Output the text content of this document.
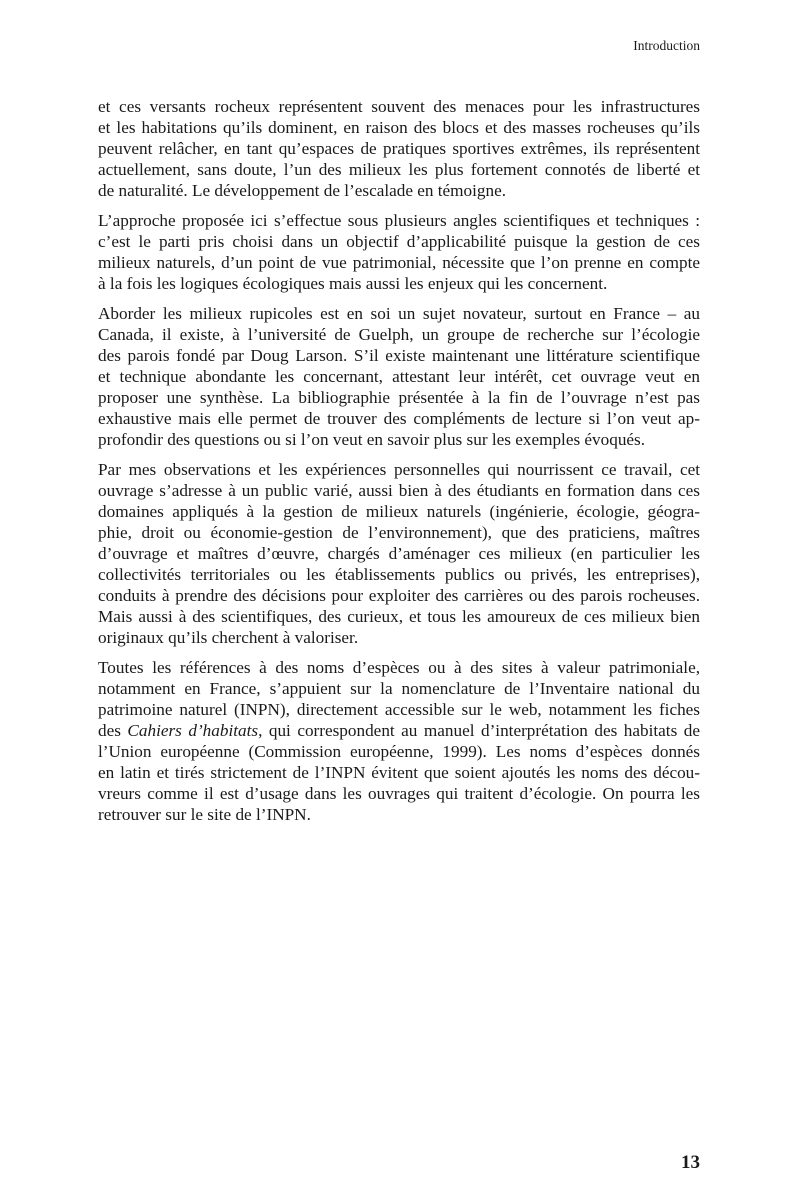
Introduction
et ces versants rocheux représentent souvent des menaces pour les infrastructures
et les habitations qu’ils dominent, en raison des blocs et des masses rocheuses qu’ils
peuvent relâcher, en tant qu’espaces de pratiques sportives extrêmes, ils représentent
actuellement, sans doute, l’un des milieux les plus fortement connotés de liberté et
de naturalité. Le développement de l’escalade en témoigne.
L’approche proposée ici s’effectue sous plusieurs angles scientifiques et techniques :
c’est le parti pris choisi dans un objectif d’applicabilité puisque la gestion de ces
milieux naturels, d’un point de vue patrimonial, nécessite que l’on prenne en compte
à la fois les logiques écologiques mais aussi les enjeux qui les concernent.
Aborder les milieux rupicoles est en soi un sujet novateur, surtout en France – au
Canada, il existe, à l’université de Guelph, un groupe de recherche sur l’écologie
des parois fondé par Doug Larson. S’il existe maintenant une littérature scientifique
et technique abondante les concernant, attestant leur intérêt, cet ouvrage veut en
proposer une synthèse. La bibliographie présentée à la fin de l’ouvrage n’est pas
exhaustive mais elle permet de trouver des compléments de lecture si l’on veut ap-
profondir des questions ou si l’on veut en savoir plus sur les exemples évoqués.
Par mes observations et les expériences personnelles qui nourrissent ce travail, cet
ouvrage s’adresse à un public varié, aussi bien à des étudiants en formation dans ces
domaines appliqués à la gestion de milieux naturels (ingénierie, écologie, géogra-
phie, droit ou économie-gestion de l’environnement), que des praticiens, maîtres
d’ouvrage et maîtres d’œuvre, chargés d’aménager ces milieux (en particulier les
collectivités territoriales ou les établissements publics ou privés, les entreprises),
conduits à prendre des décisions pour exploiter des carrières ou des parois rocheuses.
Mais aussi à des scientifiques, des curieux, et tous les amoureux de ces milieux bien
originaux qu’ils cherchent à valoriser.
Toutes les références à des noms d’espèces ou à des sites à valeur patrimoniale,
notamment en France, s’appuient sur la nomenclature de l’Inventaire national du
patrimoine naturel (INPN), directement accessible sur le web, notamment les fiches
des Cahiers d’habitats, qui correspondent au manuel d’interprétation des habitats de
l’Union européenne (Commission européenne, 1999). Les noms d’espèces donnés
en latin et tirés strictement de l’INPN évitent que soient ajoutés les noms des décou-
vreurs comme il est d’usage dans les ouvrages qui traitent d’écologie. On pourra les
retrouver sur le site de l’INPN.
13
